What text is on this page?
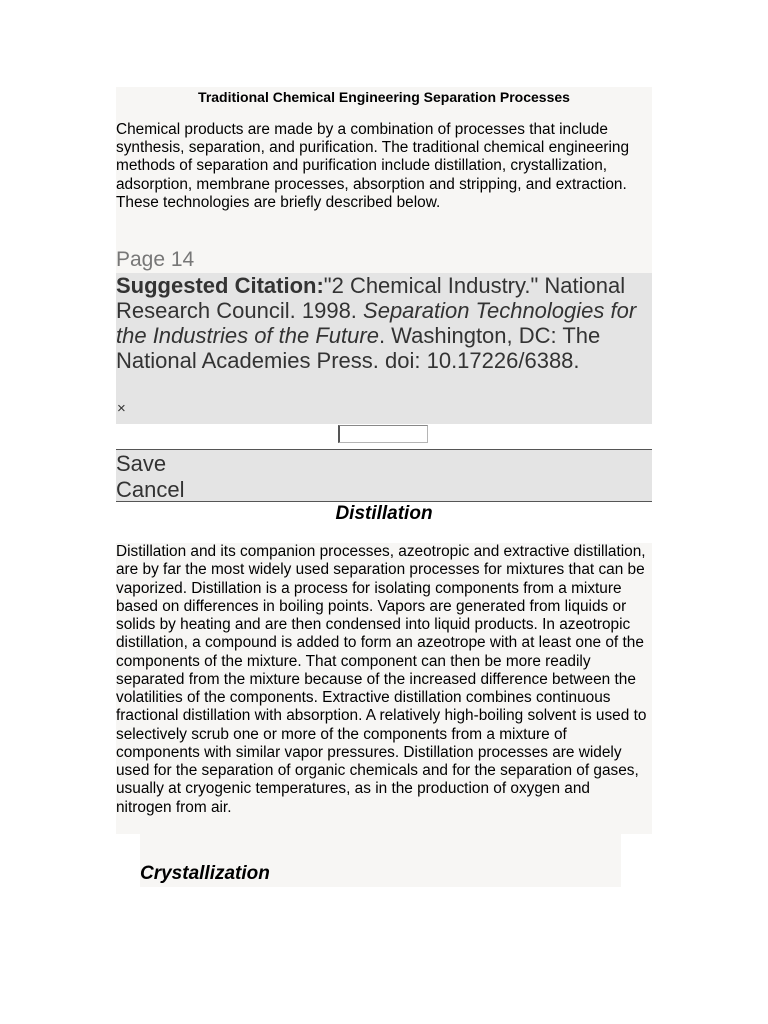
Traditional Chemical Engineering Separation Processes

Chemical products are made by a combination of processes that include synthesis, separation, and purification. The traditional chemical engineering methods of separation and purification include distillation, crystallization, adsorption, membrane processes, absorption and stripping, and extraction. These technologies are briefly described below.

Page 14

Suggested Citation:"2 Chemical Industry." National Research Council. 1998. Separation Technologies for the Industries of the Future. Washington, DC: The National Academies Press. doi: 10.17226/6388.

×
Save
Cancel
Distillation

Distillation and its companion processes, azeotropic and extractive distillation, are by far the most widely used separation processes for mixtures that can be vaporized. Distillation is a process for isolating components from a mixture based on differences in boiling points. Vapors are generated from liquids or solids by heating and are then condensed into liquid products. In azeotropic distillation, a compound is added to form an azeotrope with at least one of the components of the mixture. That component can then be more readily separated from the mixture because of the increased difference between the volatilities of the components. Extractive distillation combines continuous fractional distillation with absorption. A relatively high-boiling solvent is used to selectively scrub one or more of the components from a mixture of components with similar vapor pressures. Distillation processes are widely used for the separation of organic chemicals and for the separation of gases, usually at cryogenic temperatures, as in the production of oxygen and nitrogen from air.

Crystallization
